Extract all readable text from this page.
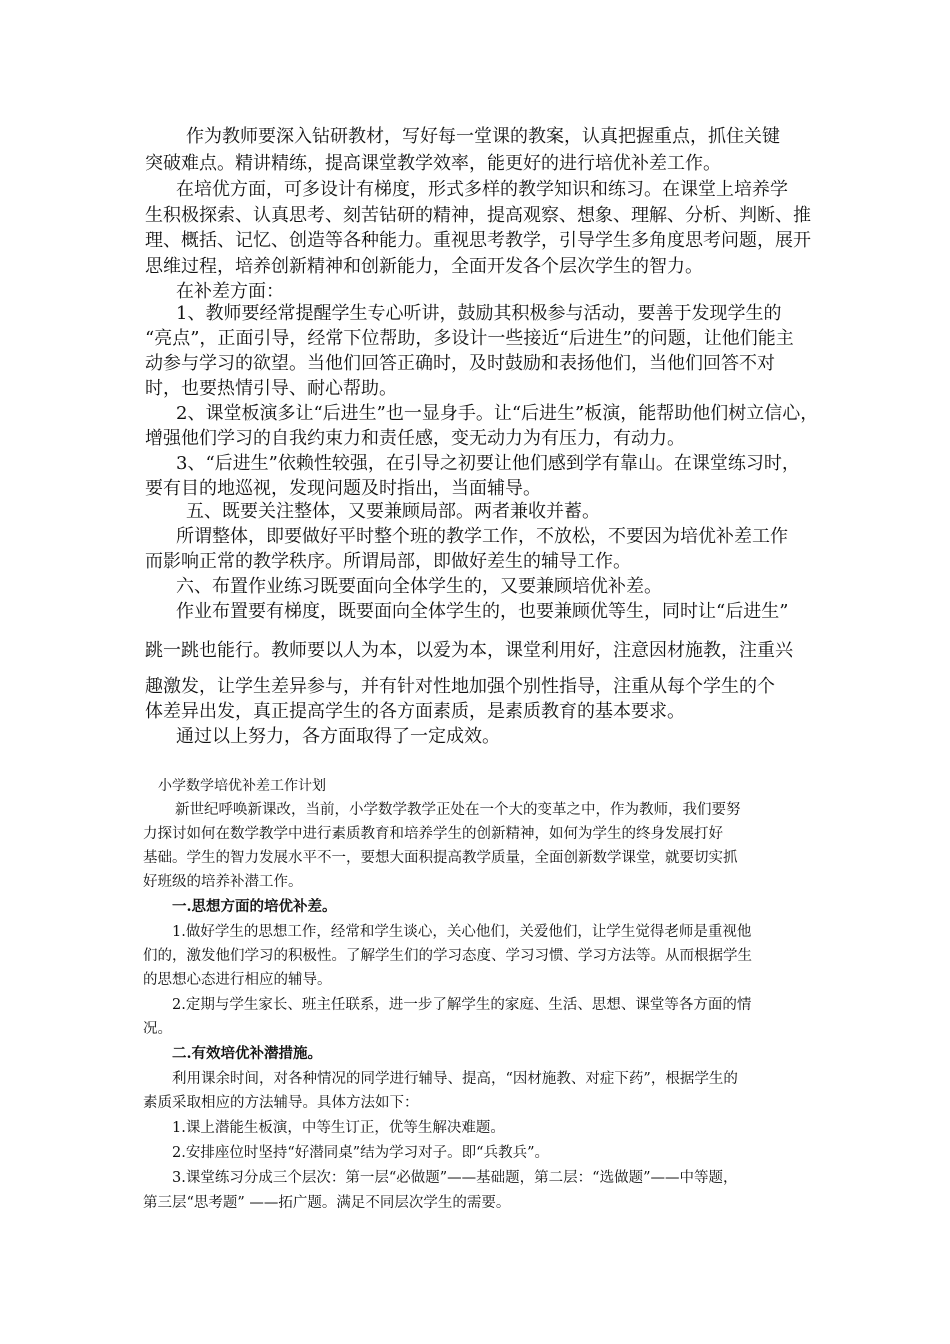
作为教师要深入钻研教材，写好每一堂课的教案，认真把握重点，抓住关键
突破难点。精讲精练，提高课堂教学效率，能更好的进行培优补差工作。
在培优方面，可多设计有梯度，形式多样的教学知识和练习。在课堂上培养学
生积极探索、认真思考、刻苦钻研的精神，提高观察、想象、理解、分析、判断、推
理、概括、记忆、创造等各种能力。重视思考教学，引导学生多角度思考问题，展开
思维过程，培养创新精神和创新能力，全面开发各个层次学生的智力。
在补差方面：
1、教师要经常提醒学生专心听讲，鼓励其积极参与活动，要善于发现学生的
“亮点”，正面引导，经常下位帮助，多设计一些接近“后进生”的问题，让他们能主
动参与学习的欲望。当他们回答正确时，及时鼓励和表扬他们，当他们回答不对
时，也要热情引导、耐心帮助。
2、课堂板演多让“后进生”也一显身手。让“后进生”板演，能帮助他们树立信心，
增强他们学习的自我约束力和责任感，变无动力为有压力，有动力。
3、“后进生”依赖性较强，在引导之初要让他们感到学有靠山。在课堂练习时，
要有目的地巡视，发现问题及时指出，当面辅导。
五、既要关注整体，又要兼顾局部。两者兼收并蓄。
所谓整体，即要做好平时整个班的教学工作，不放松，不要因为培优补差工作
而影响正常的教学秩序。所谓局部，即做好差生的辅导工作。
六、布置作业练习既要面向全体学生的，又要兼顾培优补差。
作业布置要有梯度，既要面向全体学生的，也要兼顾优等生，同时让“后进生”
跳一跳也能行。教师要以人为本，以爱为本，课堂利用好，注意因材施教，注重兴
趣激发，让学生差异参与，并有针对性地加强个别性指导，注重从每个学生的个
体差异出发，真正提高学生的各方面素质，是素质教育的基本要求。
通过以上努力，各方面取得了一定成效。
小学数学培优补差工作计划
新世纪呼唤新课改，当前，小学数学教学正处在一个大的变革之中，作为教师，我们要努
力探讨如何在数学教学中进行素质教育和培养学生的创新精神，如何为学生的终身发展打好
基础。学生的智力发展水平不一，要想大面积提高教学质量，全面创新数学课堂，就要切实抓
好班级的培养补潜工作。
一.思想方面的培优补差。
1.做好学生的思想工作，经常和学生谈心，关心他们，关爱他们，让学生觉得老师是重视他
们的，激发他们学习的积极性。了解学生们的学习态度、学习习惯、学习方法等。从而根据学生
的思想心态进行相应的辅导。
2.定期与学生家长、班主任联系，进一步了解学生的家庭、生活、思想、课堂等各方面的情
况。
二.有效培优补潜措施。
利用课余时间，对各种情况的同学进行辅导、提高，“因材施教、对症下药”，根据学生的
素质采取相应的方法辅导。具体方法如下：
1.课上潜能生板演，中等生订正，优等生解决难题。
2.安排座位时坚持“好潜同桌”结为学习对子。即“兵教兵”。
3.课堂练习分成三个层次：第一层“必做题”——基础题，第二层：“选做题”——中等题，
第三层“思考题” ——拓广题。满足不同层次学生的需要。
